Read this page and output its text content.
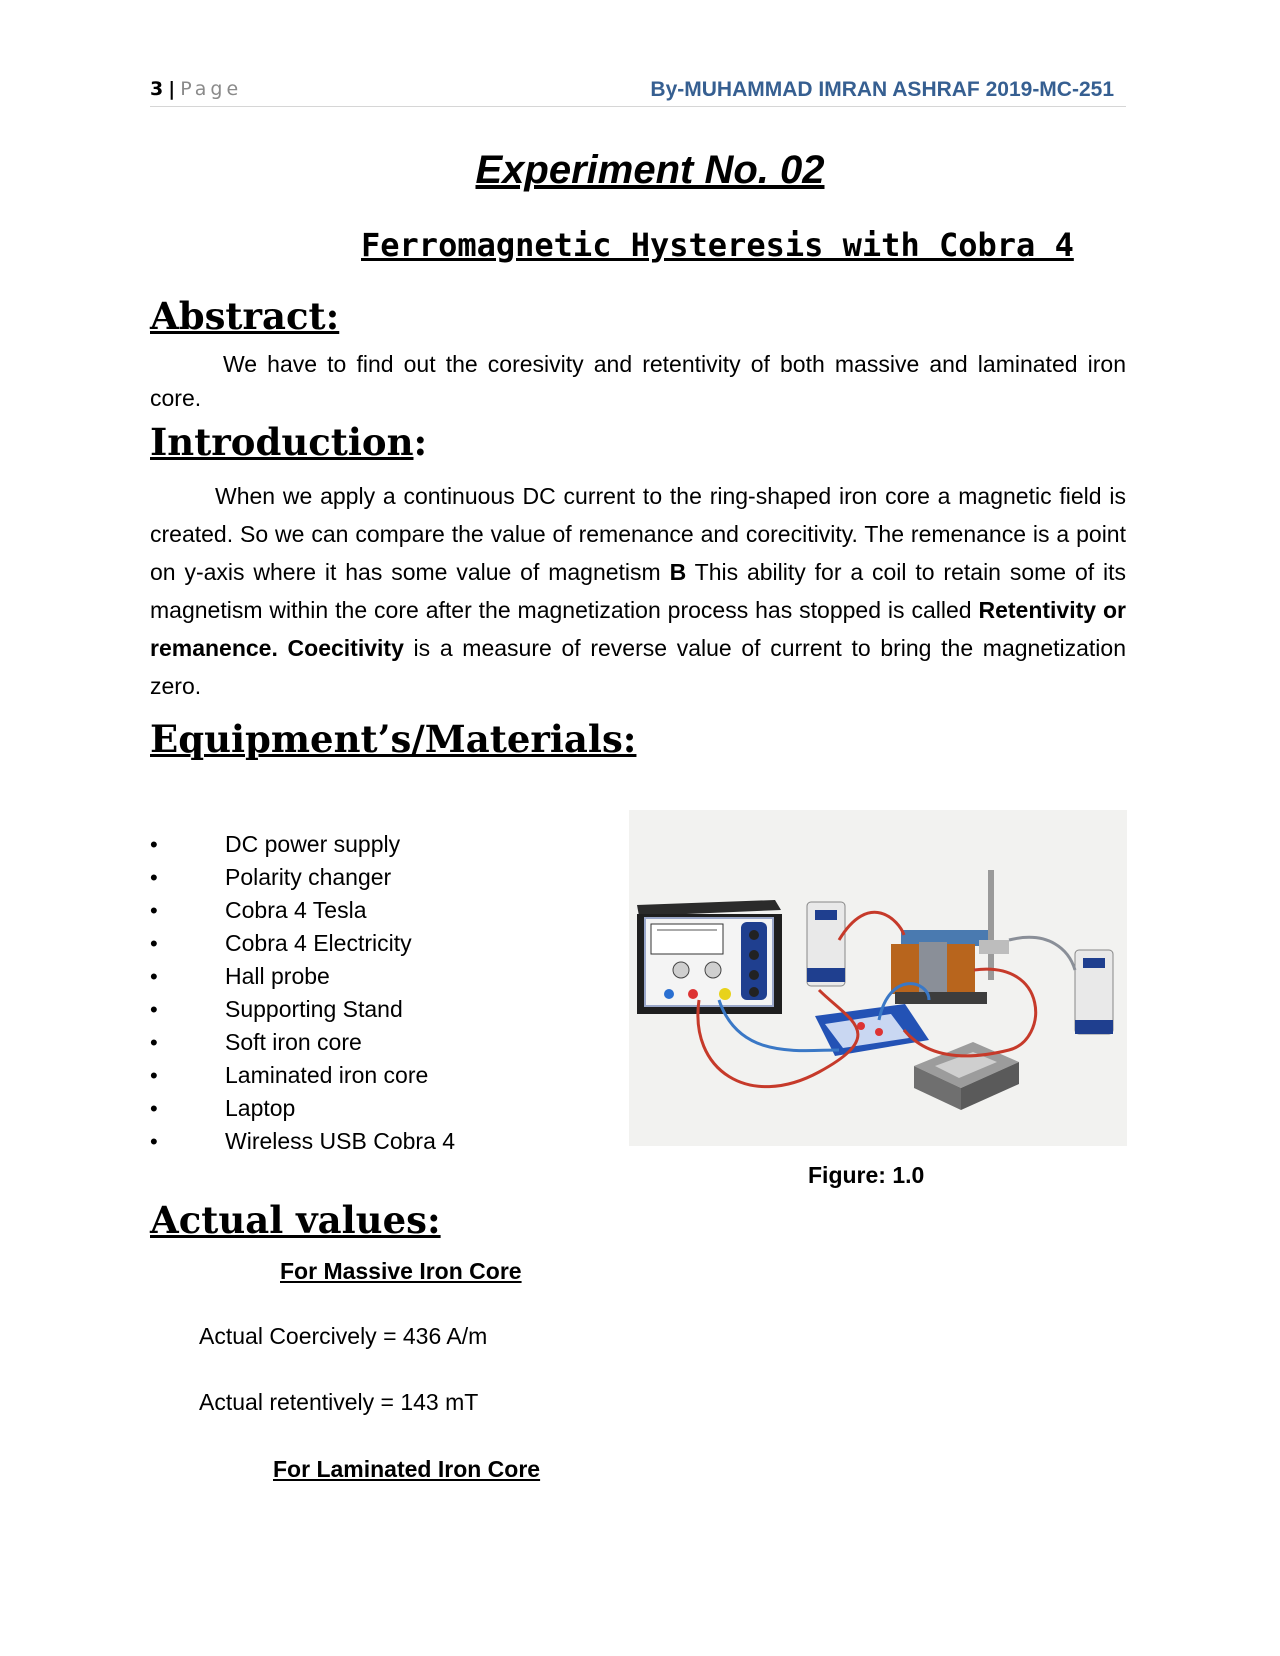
3 | Page	By-MUHAMMAD IMRAN ASHRAF 2019-MC-251
Experiment No. 02
Ferromagnetic Hysteresis with Cobra 4
Abstract:
We have to find out the coresivity and retentivity of both massive and laminated iron core.
Introduction:
When we apply a continuous DC current to the ring-shaped iron core a magnetic field is created. So we can compare the value of remenance and corecitivity. The remenance is a point on y-axis where it has some value of magnetism B This ability for a coil to retain some of its magnetism within the core after the magnetization process has stopped is called Retentivity or remanence. Coecitivity is a measure of reverse value of current to bring the magnetization zero.
Equipment’s/Materials:
•	DC power supply
•	Polarity changer
•	Cobra 4 Tesla
•	Cobra 4 Electricity
•	Hall probe
•	Supporting Stand
•	Soft iron core
•	Laminated iron core
•	Laptop
•	Wireless USB Cobra 4
Figure: 1.0
Actual values:
For Massive Iron Core
Actual Coercively = 436 A/m
Actual retentively = 143 mT
For Laminated Iron Core
